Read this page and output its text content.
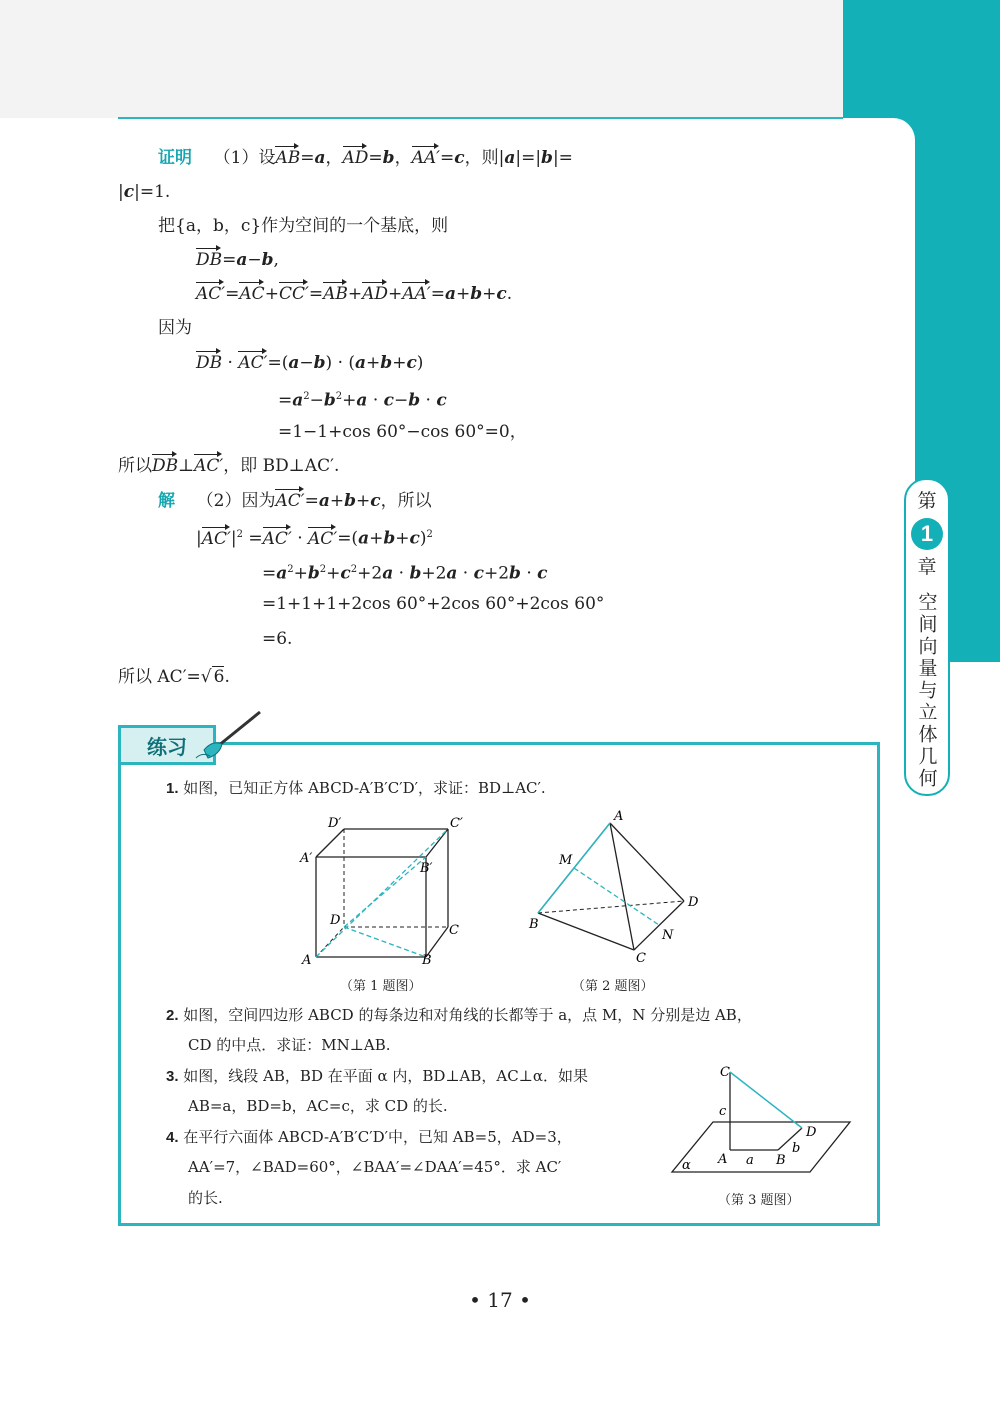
第
1
章
空间向量与立体几何
证明 （1）设AB=a，AD=b，AA′=c，则|a|=|b|=
|c|=1.
把{a，b，c}作为空间的一个基底，则
DB=a−b,
AC′=AC+CC′=AB+AD+AA′=a+b+c.
因为
DB · AC′=(a−b) · (a+b+c)
$=a^2-b^2+a \cdot c-b \cdot c$
=1−1+cos 60°−cos 60°=0，
所以DB⊥AC′，即 BD⊥AC′.
解 （2）因为AC′=a+b+c，所以
$|AC'|^2 =AC' \cdot AC'=(a+b+c)^2$
$=a^2+b^2+c^2+2a \cdot b+2a \cdot c+2b \cdot c$
=1+1+1+2cos 60°+2cos 60°+2cos 60°
=6.
所以 AC′=√ 6.
练习
1. 如图，已知正方体 ABCD-A′B′C′D′，求证：BD⊥AC′.
D′	C′
A′
B′
D
C
A	B
（第 1 题图）
A
M
B
D
N
C
（第 2 题图）
2. 如图，空间四边形 ABCD 的每条边和对角线的长都等于 a，点 M，N 分别是边 AB，
CD 的中点．求证：MN⊥AB.
3. 如图，线段 AB，BD 在平面 α 内，BD⊥AB，AC⊥α．如果
AB=a，BD=b，AC=c，求 CD 的长.
4. 在平行六面体 ABCD-A′B′C′D′中，已知 AB=5，AD=3，
AA′=7，∠BAD=60°，∠BAA′=∠DAA′=45°．求 AC′
的长.
C
c
D
b
A a B
α
（第 3 题图）
• 17 •
